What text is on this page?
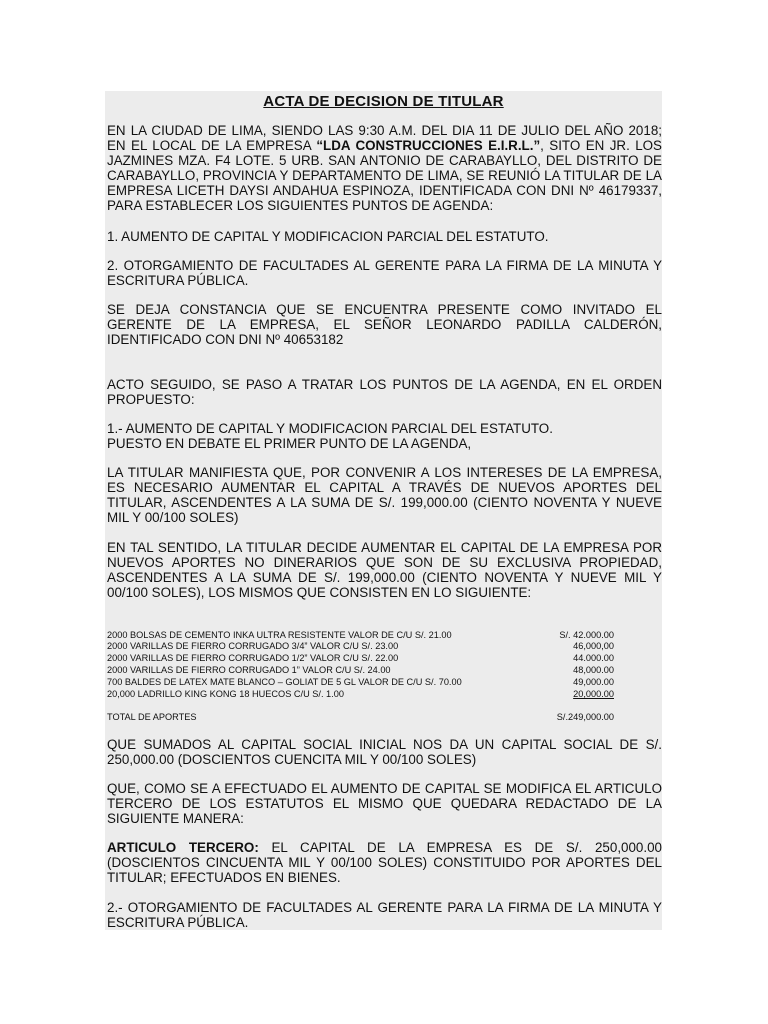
ACTA DE DECISION DE TITULAR
EN LA CIUDAD DE LIMA, SIENDO LAS 9:30 A.M. DEL DIA 11 DE JULIO DEL AÑO 2018; EN EL LOCAL DE LA EMPRESA “LDA CONSTRUCCIONES E.I.R.L.”, SITO EN JR. LOS JAZMINES MZA. F4 LOTE. 5 URB. SAN ANTONIO DE CARABAYLLO, DEL DISTRITO DE CARABAYLLO, PROVINCIA Y DEPARTAMENTO DE LIMA, SE REUNIÓ LA TITULAR DE LA EMPRESA LICETH DAYSI ANDAHUA ESPINOZA, IDENTIFICADA CON DNI Nº 46179337, PARA ESTABLECER LOS SIGUIENTES PUNTOS DE AGENDA:
1. AUMENTO DE CAPITAL Y MODIFICACION PARCIAL DEL ESTATUTO.
2. OTORGAMIENTO DE FACULTADES AL GERENTE PARA LA FIRMA DE LA MINUTA Y ESCRITURA PÚBLICA.
SE DEJA CONSTANCIA QUE SE ENCUENTRA PRESENTE COMO INVITADO EL GERENTE DE LA EMPRESA, EL SEÑOR LEONARDO PADILLA CALDERÓN, IDENTIFICADO CON DNI Nº 40653182
ACTO SEGUIDO, SE PASO A TRATAR LOS PUNTOS DE LA AGENDA, EN EL ORDEN PROPUESTO:
1.- AUMENTO DE CAPITAL Y MODIFICACION PARCIAL DEL ESTATUTO.
PUESTO EN DEBATE EL PRIMER PUNTO DE LA AGENDA,
LA TITULAR MANIFIESTA QUE, POR CONVENIR A LOS INTERESES DE LA EMPRESA, ES NECESARIO AUMENTAR EL CAPITAL A TRAVÉS DE NUEVOS APORTES DEL TITULAR, ASCENDENTES A LA SUMA DE S/. 199,000.00 (CIENTO NOVENTA Y NUEVE MIL Y 00/100 SOLES)
EN TAL SENTIDO, LA TITULAR DECIDE AUMENTAR EL CAPITAL DE LA EMPRESA POR NUEVOS APORTES NO DINERARIOS QUE SON DE SU EXCLUSIVA PROPIEDAD, ASCENDENTES A LA SUMA DE S/. 199,000.00 (CIENTO NOVENTA Y NUEVE MIL Y 00/100 SOLES), LOS MISMOS QUE CONSISTEN EN LO SIGUIENTE:
2000 BOLSAS DE CEMENTO INKA ULTRA RESISTENTE VALOR DE C/U S/. 21.00	S/. 42.000.00
2000 VARILLAS DE FIERRO CORRUGADO 3/4” VALOR C/U S/. 23.00	46,000,00
2000 VARILLAS DE FIERRO CORRUGADO 1/2” VALOR C/U S/. 22.00	44.000.00
2000 VARILLAS DE FIERRO CORRUGADO 1” VALOR C/U S/. 24.00	48,000.00
700 BALDES DE LATEX MATE BLANCO – GOLIAT DE 5 GL VALOR DE C/U S/. 70.00	49,000.00
20,000 LADRILLO KING KONG 18 HUECOS C/U S/. 1.00	20,000.00
TOTAL DE APORTES	S/.249,000.00
QUE SUMADOS AL CAPITAL SOCIAL INICIAL NOS DA UN CAPITAL SOCIAL DE S/. 250,000.00 (DOSCIENTOS CUENCITA MIL Y 00/100 SOLES)
QUE, COMO SE A EFECTUADO EL AUMENTO DE CAPITAL SE MODIFICA EL ARTICULO TERCERO DE LOS ESTATUTOS EL MISMO QUE QUEDARA REDACTADO DE LA SIGUIENTE MANERA:
ARTICULO TERCERO: EL CAPITAL DE LA EMPRESA ES DE S/. 250,000.00 (DOSCIENTOS CINCUENTA MIL Y 00/100 SOLES) CONSTITUIDO POR APORTES DEL TITULAR; EFECTUADOS EN BIENES.
2.- OTORGAMIENTO DE FACULTADES AL GERENTE PARA LA FIRMA DE LA MINUTA Y ESCRITURA PÚBLICA.
